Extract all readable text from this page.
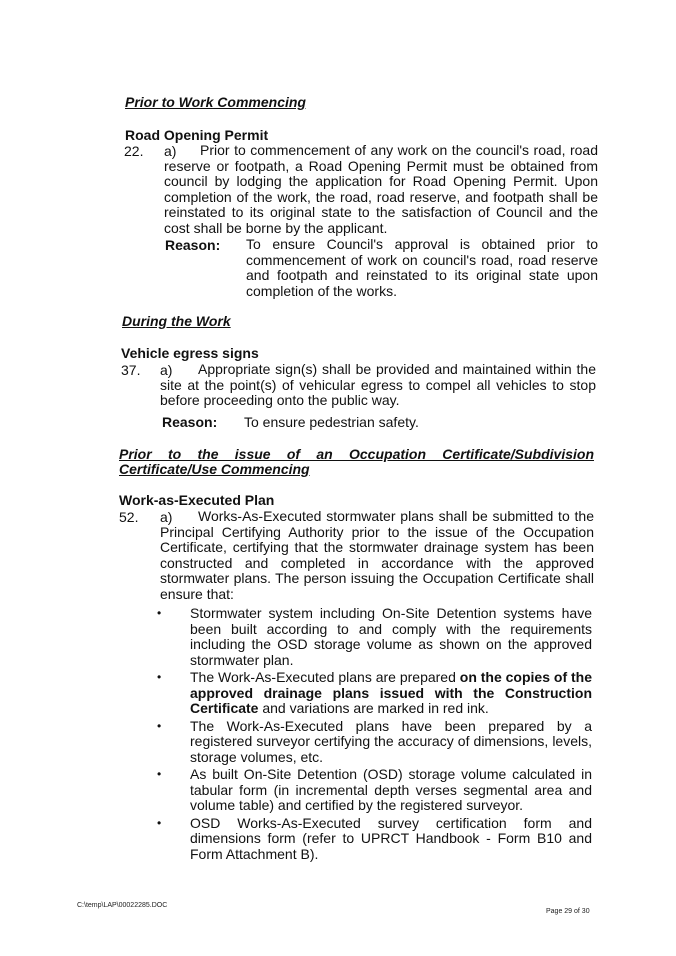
Prior to Work Commencing
Road Opening Permit
22. a)	Prior to commencement of any work on the council's road, road reserve or footpath, a Road Opening Permit must be obtained from council by lodging the application for Road Opening Permit. Upon completion of the work, the road, road reserve, and footpath shall be reinstated to its original state to the satisfaction of Council and the cost shall be borne by the applicant.
Reason: To ensure Council's approval is obtained prior to commencement of work on council's road, road reserve and footpath and reinstated to its original state upon completion of the works.
During the Work
Vehicle egress signs
37. a)	Appropriate sign(s) shall be provided and maintained within the site at the point(s) of vehicular egress to compel all vehicles to stop before proceeding onto the public way.
Reason: To ensure pedestrian safety.
Prior to the issue of an Occupation Certificate/Subdivision
Certificate/Use Commencing
Work-as-Executed Plan
52. a)	Works-As-Executed stormwater plans shall be submitted to the Principal Certifying Authority prior to the issue of the Occupation Certificate, certifying that the stormwater drainage system has been constructed and completed in accordance with the approved stormwater plans. The person issuing the Occupation Certificate shall ensure that:
• Stormwater system including On-Site Detention systems have been built according to and comply with the requirements including the OSD storage volume as shown on the approved stormwater plan.
• The Work-As-Executed plans are prepared on the copies of the approved drainage plans issued with the Construction Certificate and variations are marked in red ink.
• The Work-As-Executed plans have been prepared by a registered surveyor certifying the accuracy of dimensions, levels, storage volumes, etc.
• As built On-Site Detention (OSD) storage volume calculated in tabular form (in incremental depth verses segmental area and volume table) and certified by the registered surveyor.
• OSD Works-As-Executed survey certification form and dimensions form (refer to UPRCT Handbook - Form B10 and Form Attachment B).
C:\temp\LAP\00022285.DOC
Page 29 of 30
